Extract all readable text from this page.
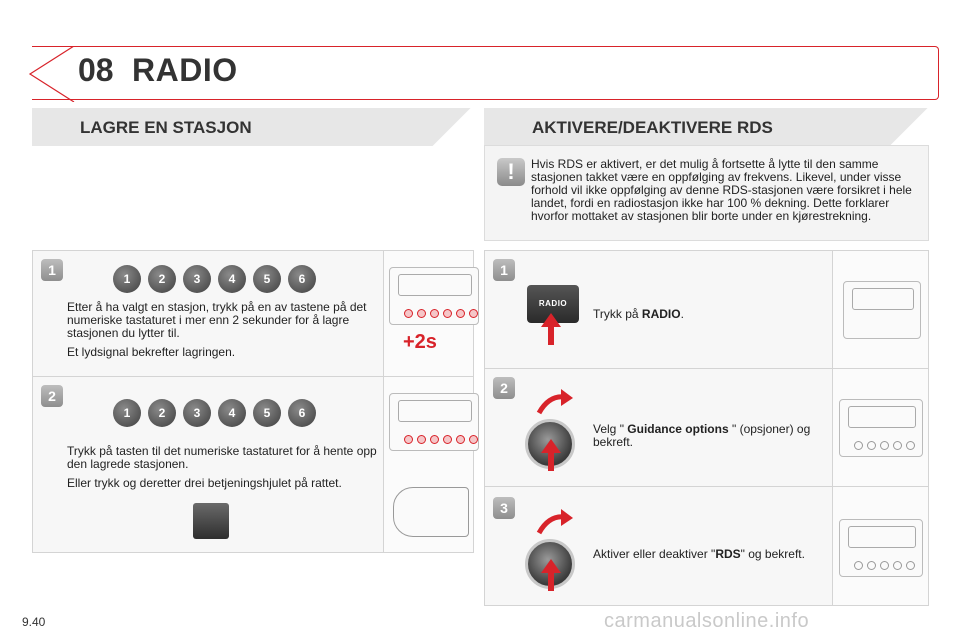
08 RADIO
LAGRE EN STASJON	AKTIVERE/DEAKTIVERE RDS
!	Hvis RDS er aktivert, er det mulig å fortsette å lytte til den samme stasjonen takket være en oppfølging av frekvens. Likevel, under visse forhold vil ikke oppfølging av denne RDS-stasjonen være forsikret i hele landet, fordi en radiostasjon ikke har 100 % dekning. Dette forklarer hvorfor mottaket av stasjonen blir borte under en kjørestrekning.
1
1	2	3	4	5	6

Etter å ha valgt en stasjon, trykk på en av tastene på det numeriske tastaturet i mer enn 2 sekunder for å lagre stasjonen du lytter til.

Et lydsignal bekrefter lagringen.	+2s
2
1	2	3	4	5	6

Trykk på tasten til det numeriske tastaturet for å hente opp den lagrede stasjonen.

Eller trykk og deretter drei betjeningshjulet på rattet.

1
RADIO
Trykk på RADIO.
2
Velg " Guidance options " (opsjoner) og bekreft.
3
Aktiver eller deaktiver "RDS" og bekreft.
9.40	carmanualsonline.info
